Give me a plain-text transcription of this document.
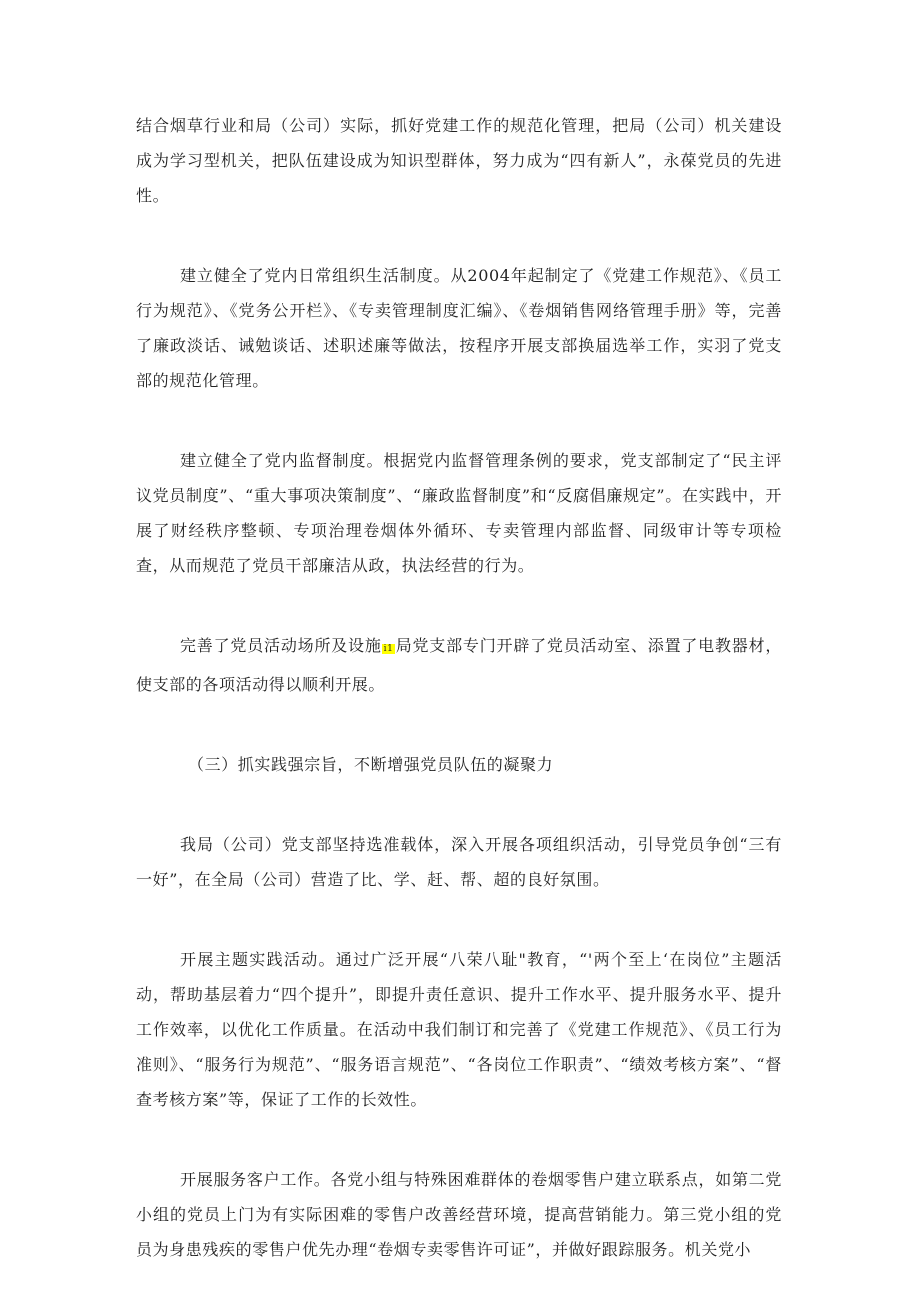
结合烟草行业和局（公司）实际，抓好党建工作的规范化管理，把局（公司）机关建设成为学习型机关，把队伍建设成为知识型群体，努力成为“四有新人”，永葆党员的先进性。

建立健全了党内日常组织生活制度。从2004年起制定了《党建工作规范》、《员工行为规范》、《党务公开栏》、《专卖管理制度汇编》、《卷烟销售网络管理手册》等，完善了廉政淡话、诫勉谈话、述职述廉等做法，按程序开展支部换届选举工作，实羽了党支部的规范化管理。

建立健全了党内监督制度。根据党内监督管理条例的要求，党支部制定了“民主评议党员制度”、“重大事项决策制度”、“廉政监督制度”和“反腐倡廉规定”。在实践中，开展了财经秩序整顿、专项治理卷烟体外循环、专卖管理内部监督、同级审计等专项检查，从而规范了党员干部廉洁从政，执法经营的行为。

完善了党员活动场所及设施 i1 局党支部专门开辟了党员活动室、添置了电教器材，使支部的各项活动得以顺利开展。

（三）抓实践强宗旨，不断增强党员队伍的凝聚力

我局（公司）党支部坚持选准载体，深入开展各项组织活动，引导党员争创“三有一好”，在全局（公司）营造了比、学、赶、帮、超的良好氛围。

开展主题实践活动。通过广泛开展“八荣八耻"教育，“'两个至上‘在岗位”主题活动，帮助基层着力“四个提升”，即提升责任意识、提升工作水平、提升服务水平、提升工作效率，以优化工作质量。在活动中我们制订和完善了《党建工作规范》、《员工行为准则》、“服务行为规范”、“服务语言规范”、“各岗位工作职责”、“绩效考核方案”、“督查考核方案”等，保证了工作的长效性。

开展服务客户工作。各党小组与特殊困难群体的卷烟零售户建立联系点，如第二党小组的党员上门为有实际困难的零售户改善经营环境，提高营销能力。第三党小组的党员为身患残疾的零售户优先办理“卷烟专卖零售许可证”，并做好跟踪服务。机关党小
